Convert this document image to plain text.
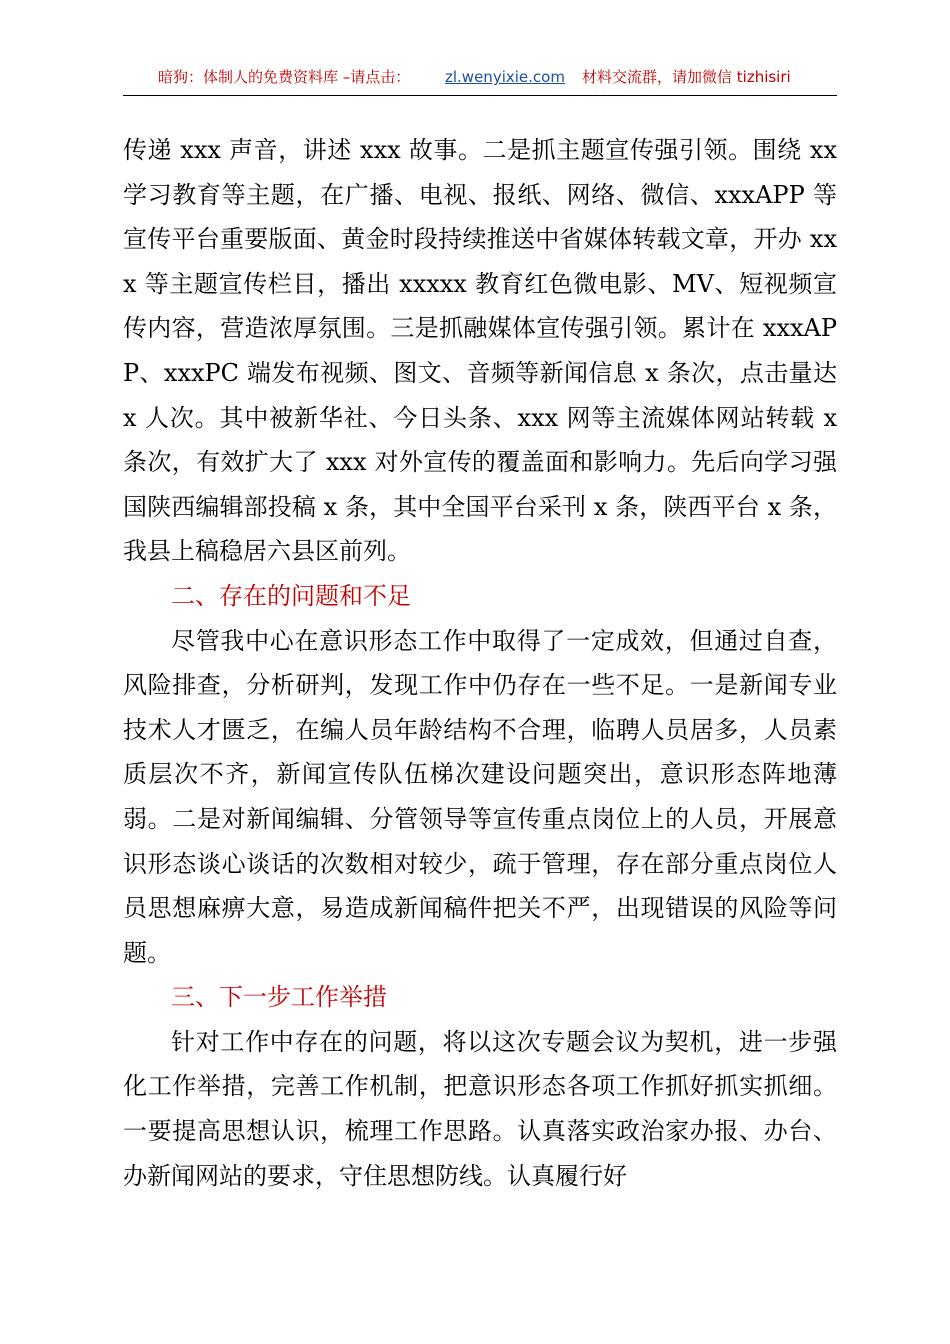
暗狗：体制人的免费资料库 –请点击： zl.wenyixie.com 材料交流群，请加微信 tizhisiri

传递 xxx 声音，讲述 xxx 故事。二是抓主题宣传强引领。围绕 xx 学习教育等主题，在广播、电视、报纸、网络、微信、xxxAPP 等宣传平台重要版面、黄金时段持续推送中省媒体转载文章，开办 xxx 等主题宣传栏目，播出 xxxxx 教育红色微电影、MV、短视频宣传内容，营造浓厚氛围。三是抓融媒体宣传强引领。累计在 xxxAPP、xxxPC 端发布视频、图文、音频等新闻信息 x 条次，点击量达 x 人次。其中被新华社、今日头条、xxx 网等主流媒体网站转载 x 条次，有效扩大了 xxx 对外宣传的覆盖面和影响力。先后向学习强国陕西编辑部投稿 x 条，其中全国平台采刊 x 条，陕西平台 x 条，我县上稿稳居六县区前列。

二、存在的问题和不足

尽管我中心在意识形态工作中取得了一定成效，但通过自查，风险排查，分析研判，发现工作中仍存在一些不足。一是新闻专业技术人才匮乏，在编人员年龄结构不合理，临聘人员居多，人员素质层次不齐，新闻宣传队伍梯次建设问题突出，意识形态阵地薄弱。二是对新闻编辑、分管领导等宣传重点岗位上的人员，开展意识形态谈心谈话的次数相对较少，疏于管理，存在部分重点岗位人员思想麻痹大意，易造成新闻稿件把关不严，出现错误的风险等问题。

三、下一步工作举措

针对工作中存在的问题，将以这次专题会议为契机，进一步强化工作举措，完善工作机制，把意识形态各项工作抓好抓实抓细。一要提高思想认识，梳理工作思路。认真落实政治家办报、办台、办新闻网站的要求，守住思想防线。认真履行好
